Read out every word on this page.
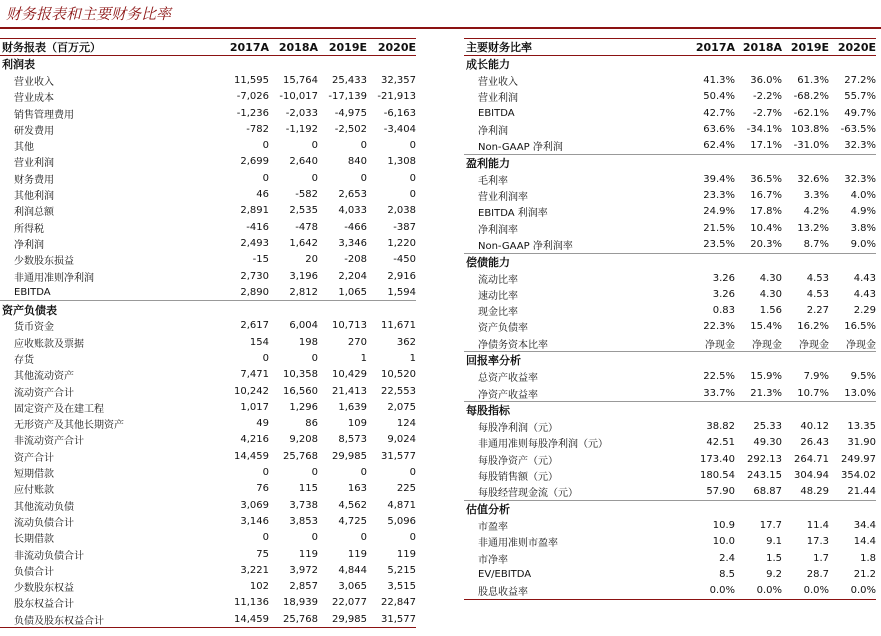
财务报表和主要财务比率
财务报表（百万元）	2017A 2018A 2019E 2020E
利润表
营业收入	11,595	15,764	25,433	32,357
营业成本	-7,026	-10,017	-17,139	-21,913
销售管理费用	-1,236	-2,033	-4,975	-6,163
研发费用	-782	-1,192	-2,502	-3,404
其他	0	0	0	0
营业利润	2,699	2,640	840	1,308
财务费用	0	0	0	0
其他利润	46	-582	2,653	0
利润总额	2,891	2,535	4,033	2,038
所得税	-416	-478	-466	-387
净利润	2,493	1,642	3,346	1,220
少数股东损益	-15	20	-208	-450
非通用准则净利润	2,730	3,196	2,204	2,916
EBITDA	2,890	2,812	1,065	1,594
资产负债表
货币资金	2,617	6,004	10,713	11,671
应收账款及票据	154	198	270	362
存货	0	0	1	1
其他流动资产	7,471	10,358	10,429	10,520
流动资产合计	10,242	16,560	21,413	22,553
固定资产及在建工程	1,017	1,296	1,639	2,075
无形资产及其他长期资产	49	86	109	124
非流动资产合计	4,216	9,208	8,573	9,024
资产合计	14,459	25,768	29,985	31,577
短期借款	0	0	0	0
应付账款	76	115	163	225
其他流动负债	3,069	3,738	4,562	4,871
流动负债合计	3,146	3,853	4,725	5,096
长期借款	0	0	0	0
非流动负债合计	75	119	119	119
负债合计	3,221	3,972	4,844	5,215
少数股东权益	102	2,857	3,065	3,515
股东权益合计	11,136	18,939	22,077	22,847
负债及股东权益合计	14,459	25,768	29,985	31,577
主要财务比率	2017A 2018A 2019E 2020E
成长能力
营业收入	41.3%	36.0%	61.3%	27.2%
营业利润	50.4%	-2.2%	-68.2%	55.7%
EBITDA	42.7%	-2.7%	-62.1%	49.7%
净利润	63.6%	-34.1% 103.8%	-63.5%
Non-GAAP 净利润	62.4%	17.1%	-31.0%	32.3%
盈利能力
毛利率	39.4%	36.5%	32.6%	32.3%
营业利润率	23.3%	16.7%	3.3%	4.0%
EBITDA 利润率	24.9%	17.8%	4.2%	4.9%
净利润率	21.5%	10.4%	13.2%	3.8%
Non-GAAP 净利润率	23.5%	20.3%	8.7%	9.0%
偿债能力
流动比率	3.26	4.30	4.53	4.43
速动比率	3.26	4.30	4.53	4.43
现金比率	0.83	1.56	2.27	2.29
资产负债率	22.3%	15.4%	16.2%	16.5%
净债务资本比率	净现金	净现金	净现金	净现金
回报率分析
总资产收益率	22.5%	15.9%	7.9%	9.5%
净资产收益率	33.7%	21.3%	10.7%	13.0%
每股指标
每股净利润（元）	38.82	25.33	40.12	13.35
非通用准则每股净利润（元）	42.51	49.30	26.43	31.90
每股净资产（元）	173.40	292.13	264.71	249.97
每股销售额（元）	180.54	243.15	304.94	354.02
每股经营现金流（元）	57.90	68.87	48.29	21.44
估值分析
市盈率	10.9	17.7	11.4	34.4
非通用准则市盈率	10.0	9.1	17.3	14.4
市净率	2.4	1.5	1.7	1.8
EV/EBITDA	8.5	9.2	28.7	21.2
股息收益率	0.0%	0.0%	0.0%	0.0%
